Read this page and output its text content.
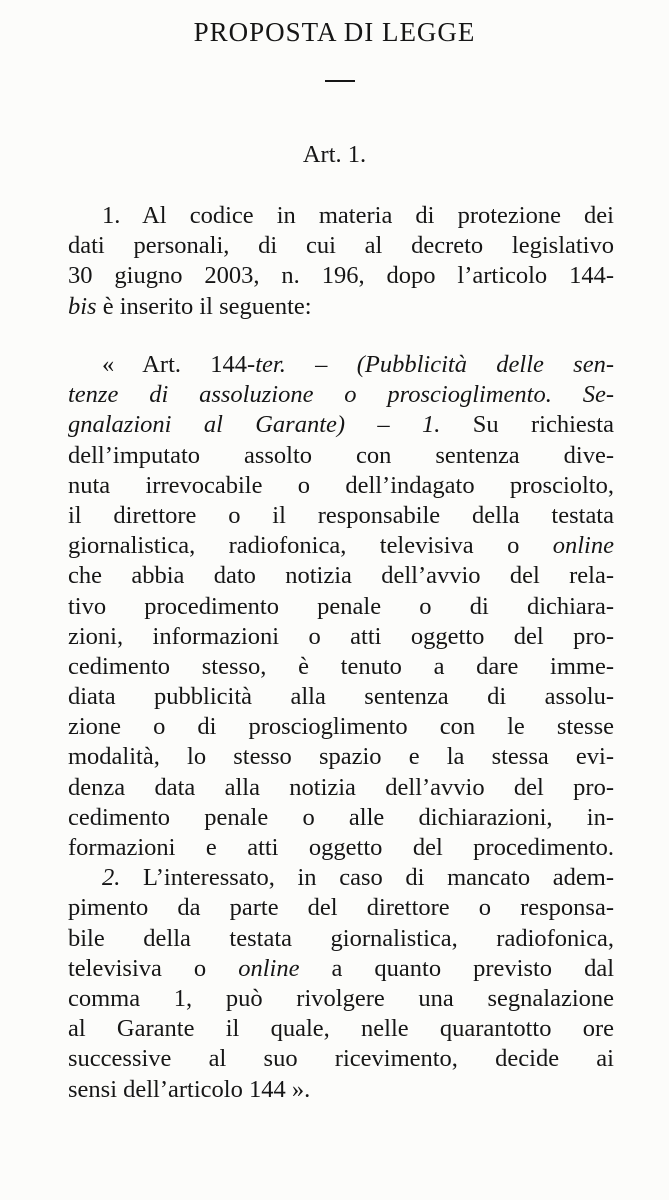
PROPOSTA DI LEGGE
Art. 1.
1. Al codice in materia di protezione dei
dati personali, di cui al decreto legislativo
30 giugno 2003, n. 196, dopo l’articolo 144-
bis è inserito il seguente:
« Art. 144-ter. – (Pubblicità delle sen-
tenze di assoluzione o proscioglimento. Se-
gnalazioni al Garante) – 1. Su richiesta
dell’imputato assolto con sentenza dive-
nuta irrevocabile o dell’indagato prosciolto,
il direttore o il responsabile della testata
giornalistica, radiofonica, televisiva o online
che abbia dato notizia dell’avvio del rela-
tivo procedimento penale o di dichiara-
zioni, informazioni o atti oggetto del pro-
cedimento stesso, è tenuto a dare imme-
diata pubblicità alla sentenza di assolu-
zione o di proscioglimento con le stesse
modalità, lo stesso spazio e la stessa evi-
denza data alla notizia dell’avvio del pro-
cedimento penale o alle dichiarazioni, in-
formazioni e atti oggetto del procedimento.
2. L’interessato, in caso di mancato adem-
pimento da parte del direttore o responsa-
bile della testata giornalistica, radiofonica,
televisiva o online a quanto previsto dal
comma 1, può rivolgere una segnalazione
al Garante il quale, nelle quarantotto ore
successive al suo ricevimento, decide ai
sensi dell’articolo 144 ».
